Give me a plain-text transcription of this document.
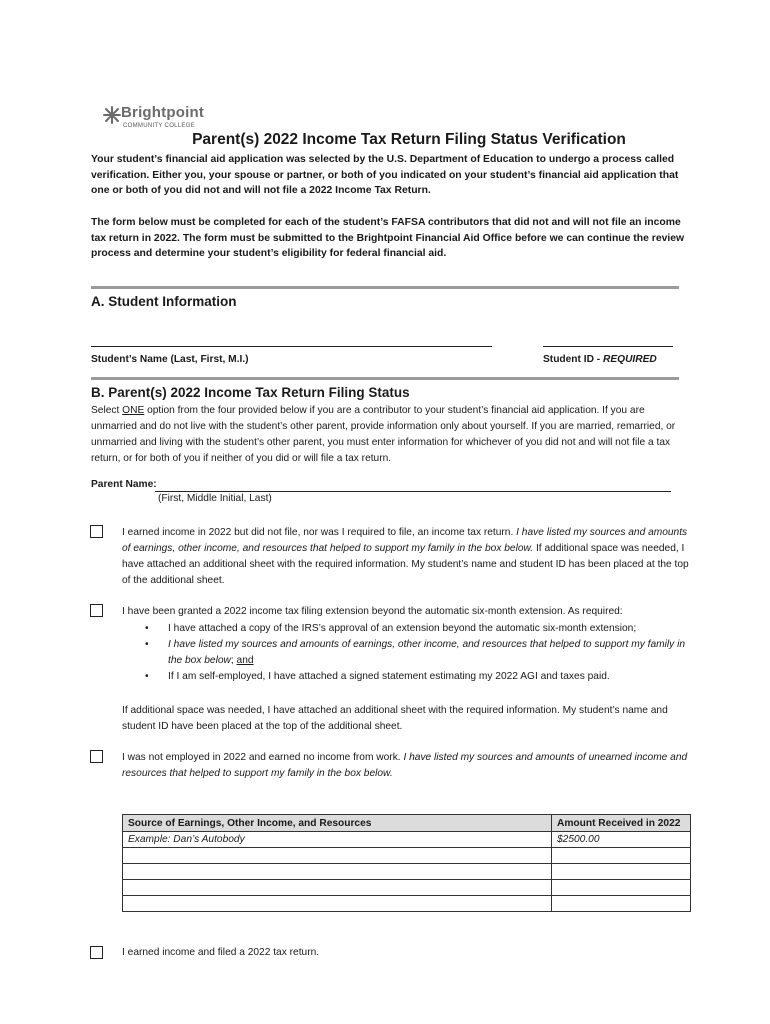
Brightpoint
COMMUNITY COLLEGE
Parent(s) 2022 Income Tax Return Filing Status Verification
Your student’s financial aid application was selected by the U.S. Department of Education to undergo a process called verification. Either you, your spouse or partner, or both of you indicated on your student’s financial aid application that one or both of you did not and will not file a 2022 Income Tax Return.
The form below must be completed for each of the student’s FAFSA contributors that did not and will not file an income tax return in 2022. The form must be submitted to the Brightpoint Financial Aid Office before we can continue the review process and determine your student’s eligibility for federal financial aid.
A. Student Information
Student’s Name (Last, First, M.I.)	Student ID - REQUIRED
B. Parent(s) 2022 Income Tax Return Filing Status
Select ONE option from the four provided below if you are a contributor to your student’s financial aid application. If you are unmarried and do not live with the student’s other parent, provide information only about yourself. If you are married, remarried, or unmarried and living with the student’s other parent, you must enter information for whichever of you did not and will not file a tax return, or for both of you if neither of you did or will file a tax return.
Parent Name:
(First, Middle Initial, Last)
I earned income in 2022 but did not file, nor was I required to file, an income tax return. I have listed my sources and amounts of earnings, other income, and resources that helped to support my family in the box below. If additional space was needed, I have attached an additional sheet with the required information. My student’s name and student ID has been placed at the top of the additional sheet.
I have been granted a 2022 income tax filing extension beyond the automatic six-month extension. As required:
• I have attached a copy of the IRS’s approval of an extension beyond the automatic six-month extension;
• I have listed my sources and amounts of earnings, other income, and resources that helped to support my family in the box below; and
• If I am self-employed, I have attached a signed statement estimating my 2022 AGI and taxes paid.
If additional space was needed, I have attached an additional sheet with the required information. My student’s name and student ID have been placed at the top of the additional sheet.
I was not employed in 2022 and earned no income from work. I have listed my sources and amounts of unearned income and resources that helped to support my family in the box below.
Source of Earnings, Other Income, and Resources	Amount Received in 2022
Example: Dan’s Autobody	$2500.00

I earned income and filed a 2022 tax return.
